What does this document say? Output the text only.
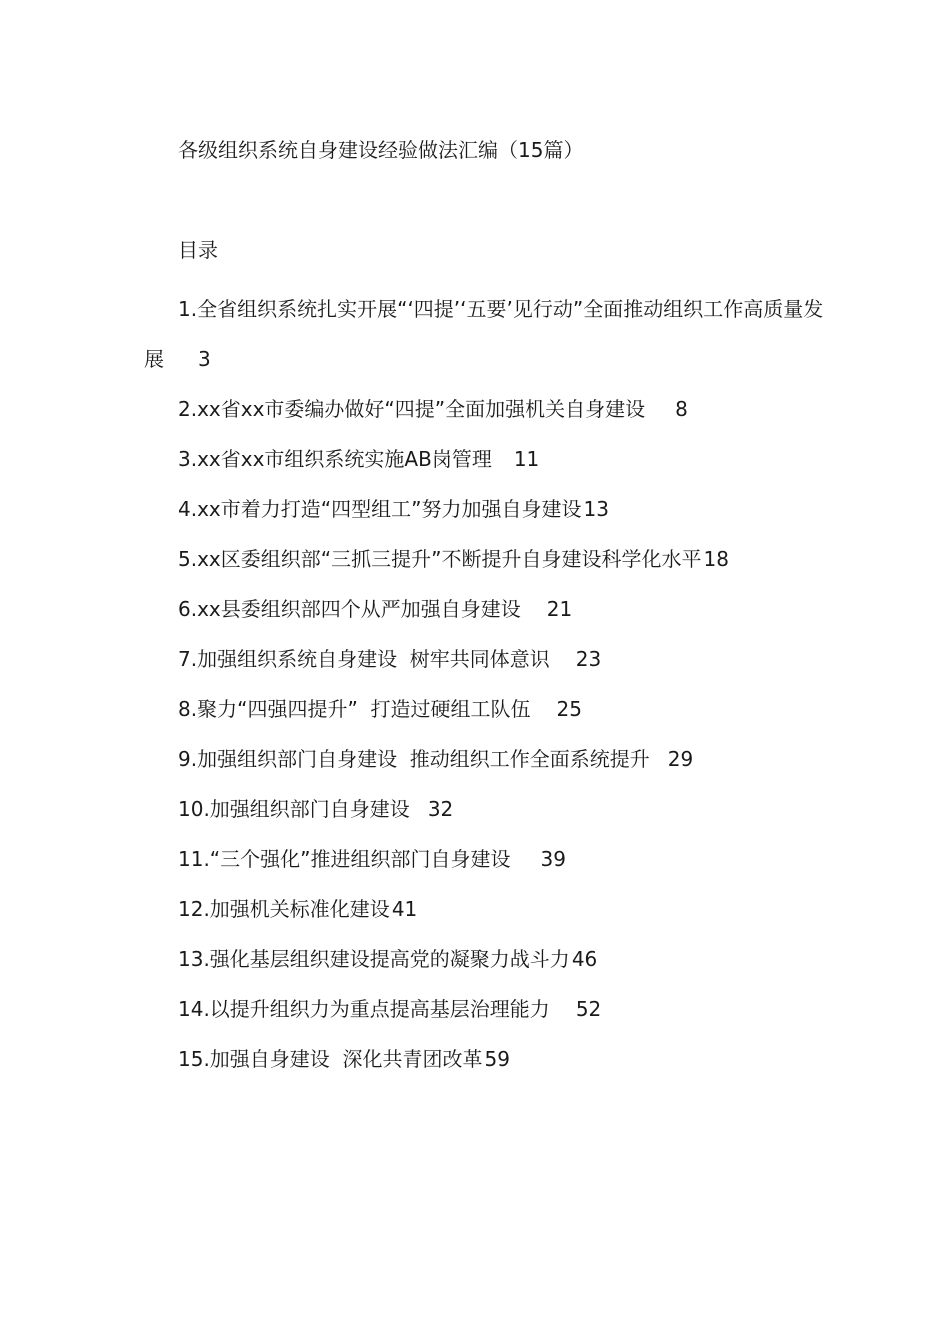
各级组织系统自身建设经验做法汇编（15篇）
目录
1.全省组织系统扎实开展“‘四提’‘五要’见行动”全面推动组织工作高质量发展 3
2.xx省xx市委编办做好“四提”全面加强机关自身建设 8
3.xx省xx市组织系统实施AB岗管理 11
4.xx市着力打造“四型组工”努力加强自身建设 13
5.xx区委组织部“三抓三提升”不断提升自身建设科学化水平 18
6.xx县委组织部四个从严加强自身建设 21
7.加强组织系统自身建设  树牢共同体意识 23
8.聚力“四强四提升”  打造过硬组工队伍 25
9.加强组织部门自身建设  推动组织工作全面系统提升 29
10.加强组织部门自身建设 32
11.“三个强化”推进组织部门自身建设 39
12.加强机关标准化建设 41
13.强化基层组织建设提高党的凝聚力战斗力 46
14.以提升组织力为重点提高基层治理能力 52
15.加强自身建设  深化共青团改革 59
